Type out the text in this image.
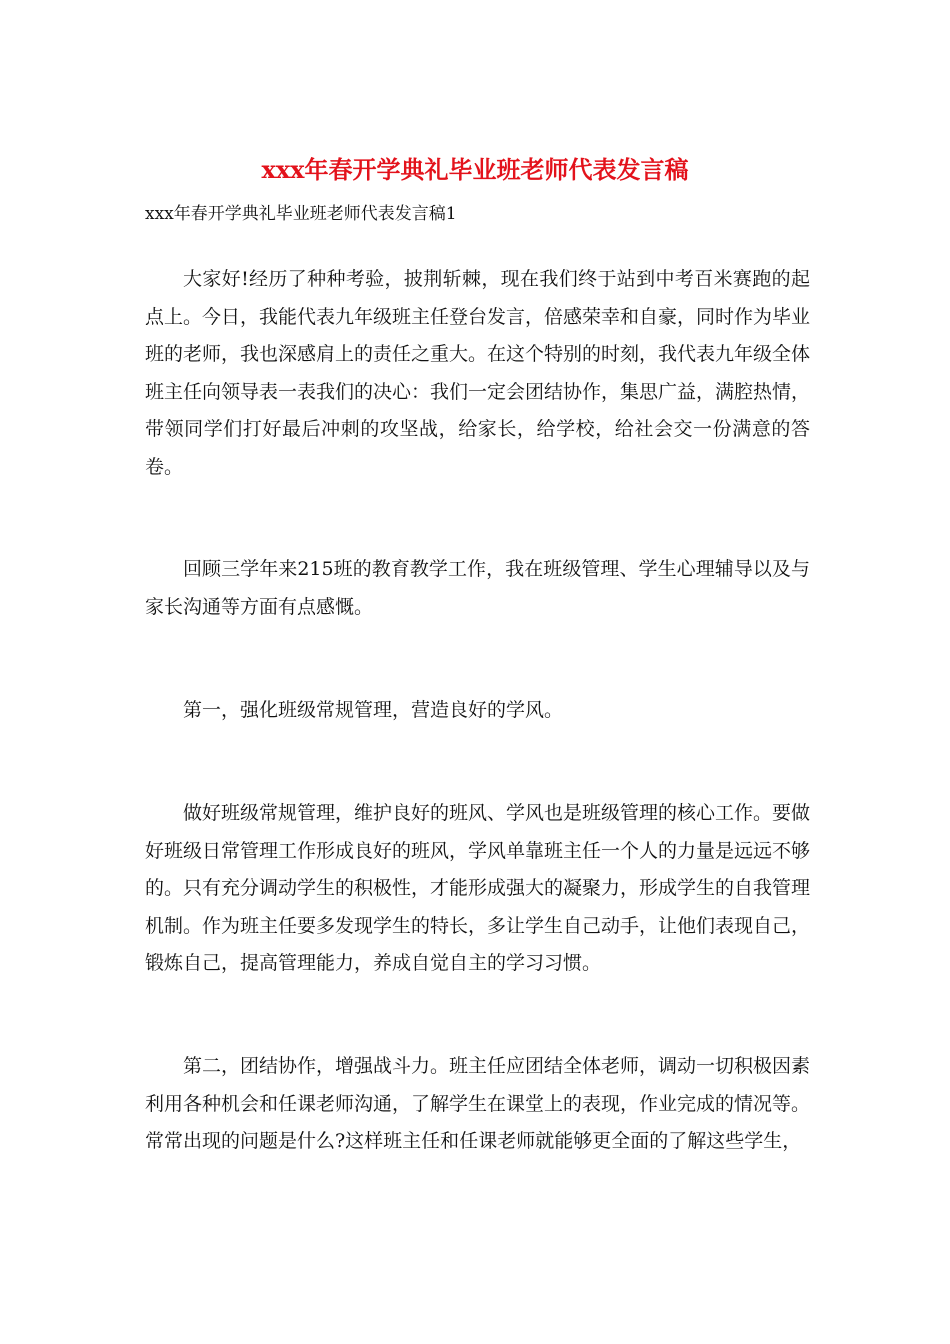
xxx年春开学典礼毕业班老师代表发言稿

xxx年春开学典礼毕业班老师代表发言稿1

大家好!经历了种种考验，披荆斩棘，现在我们终于站到中考百米赛跑的起点上。今日，我能代表九年级班主任登台发言，倍感荣幸和自豪，同时作为毕业班的老师，我也深感肩上的责任之重大。在这个特别的时刻，我代表九年级全体班主任向领导表一表我们的决心：我们一定会团结协作，集思广益，满腔热情，带领同学们打好最后冲刺的攻坚战，给家长，给学校，给社会交一份满意的答卷。

回顾三学年来215班的教育教学工作，我在班级管理、学生心理辅导以及与家长沟通等方面有点感慨。

第一，强化班级常规管理，营造良好的学风。

做好班级常规管理，维护良好的班风、学风也是班级管理的核心工作。要做好班级日常管理工作形成良好的班风，学风单靠班主任一个人的力量是远远不够的。只有充分调动学生的积极性，才能形成强大的凝聚力，形成学生的自我管理机制。作为班主任要多发现学生的特长，多让学生自己动手，让他们表现自己，锻炼自己，提高管理能力，养成自觉自主的学习习惯。

第二，团结协作，增强战斗力。班主任应团结全体老师，调动一切积极因素利用各种机会和任课老师沟通，了解学生在课堂上的表现，作业完成的情况等。常常出现的问题是什么?这样班主任和任课老师就能够更全面的了解这些学生，
